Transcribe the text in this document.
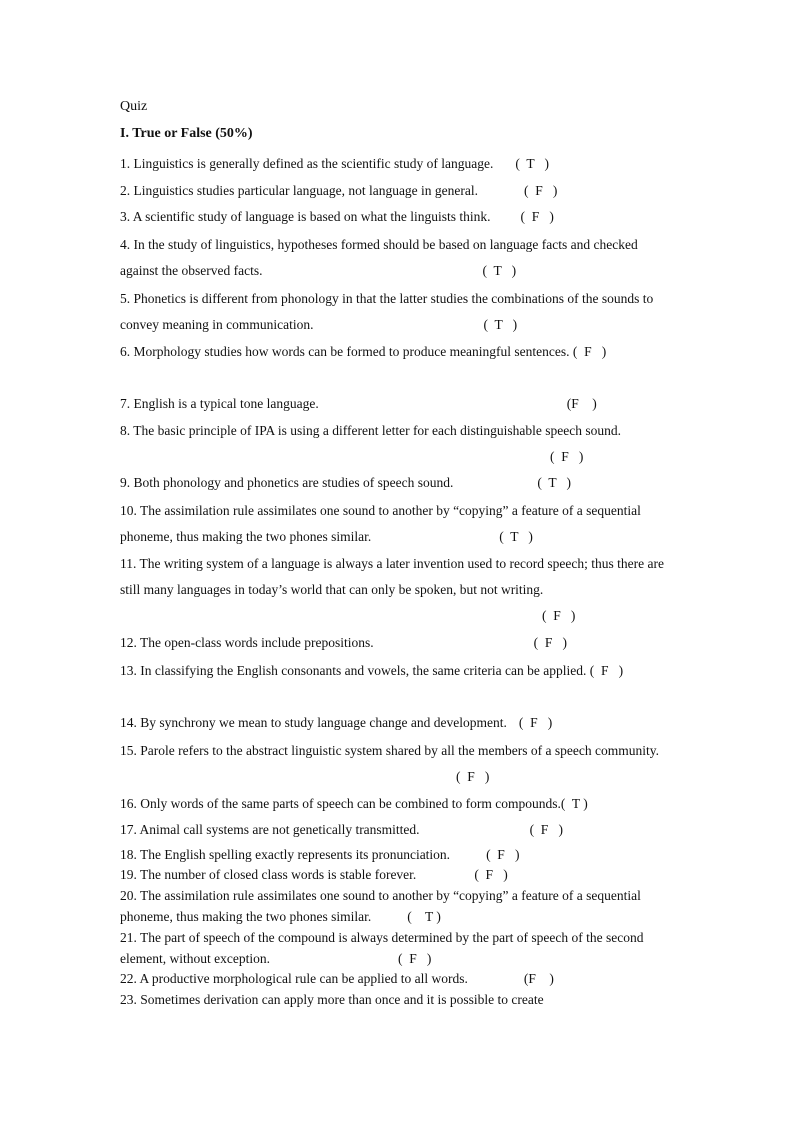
Quiz
I. True or False (50%)
1. Linguistics is generally defined as the scientific study of language. (  T   )
2. Linguistics studies particular language, not language in general.	(  F   )
3. A scientific study of language is based on what the linguists think. (  F   )
4. In the study of linguistics, hypotheses formed should be based on language facts and checked against the observed facts.	(  T   )
5. Phonetics is different from phonology in that the latter studies the combinations of the sounds to convey meaning in communication.	(  T   )
6. Morphology studies how words can be formed to produce meaningful sentences. (  F   )
7. English is a typical tone language.	(F    )
8. The basic principle of IPA is using a different letter for each distinguishable speech sound.(  F   )
9. Both phonology and phonetics are studies of speech sound.	(  T   )
10. The assimilation rule assimilates one sound to another by “copying” a feature of a sequential phoneme, thus making the two phones similar.	(  T   )
11. The writing system of a language is always a later invention used to record speech; thus there are still many languages in today’s world that can only be spoken, but not writing.(  F   )
12. The open-class words include prepositions.	(  F   )
13. In classifying the English consonants and vowels, the same criteria can be applied. (  F   )
14. By synchrony we mean to study language change and development. (  F   )
15. Parole refers to the abstract linguistic system shared by all the members of a speech community.(  F   )
16. Only words of the same parts of speech can be combined to form compounds.(  T )
17. Animal call systems are not genetically transmitted.	(  F   )
18. The English spelling exactly represents its pronunciation.	(  F   )
19. The number of closed class words is stable forever.	(  F   )
20. The assimilation rule assimilates one sound to another by “copying” a feature of a sequential phoneme, thus making the two phones similar.	(    T )
21. The part of speech of the compound is always determined by the part of speech of the second element, without exception.	(  F   )
22. A productive morphological rule can be applied to all words.	(F    )
23. Sometimes derivation can apply more than once and it is possible to create
